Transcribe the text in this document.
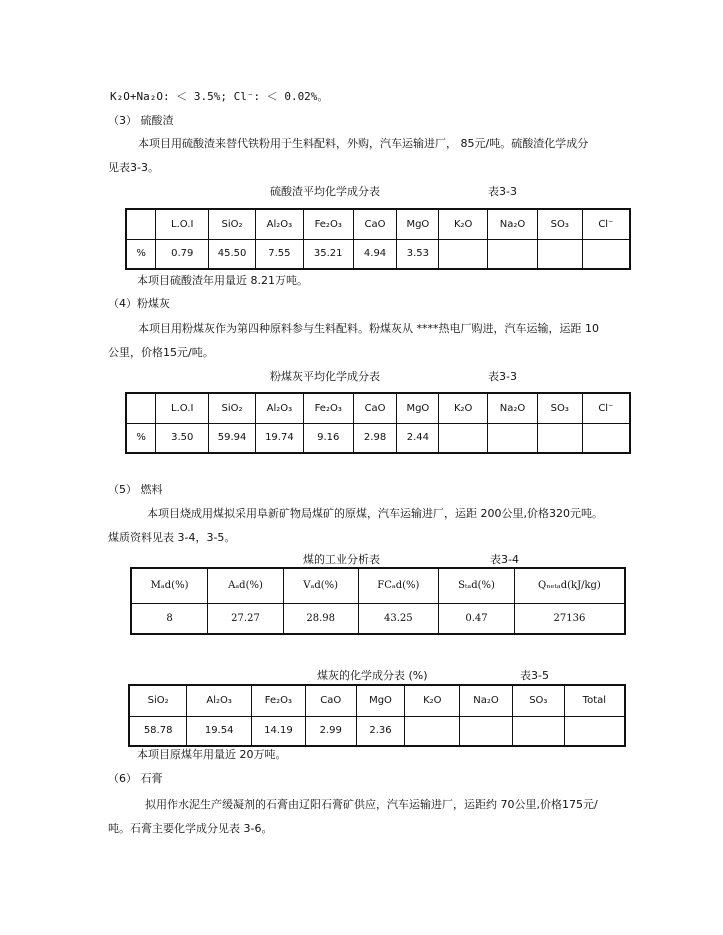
K₂O+Na₂O: ＜ 3.5%; Cl⁻: ＜ 0.02%。
（3） 硫酸渣
本项目用硫酸渣来替代铁粉用于生料配料，外购，汽车运输进厂， 85元/吨。硫酸渣化学成分
见表3-3。
硫酸渣平均化学成分表	表3-3
	L.O.I	SiO₂	Al₂O₃	Fe₂O₃	CaO	MgO	K₂O	Na₂O	SO₃	Cl⁻
%	0.79	45.50	7.55	35.21	4.94	3.53				
本项目硫酸渣年用量近 8.21万吨。
（4）粉煤灰
本项目用粉煤灰作为第四种原料参与生料配料。粉煤灰从 ****热电厂购进，汽车运输，运距 10
公里，价格15元/吨。
粉煤灰平均化学成分表	表3-3
	L.O.I	SiO₂	Al₂O₃	Fe₂O₃	CaO	MgO	K₂O	Na₂O	SO₃	Cl⁻
%	3.50	59.94	19.74	9.16	2.98	2.44				
（5） 燃料
本项目烧成用煤拟采用阜新矿物局煤矿的原煤，汽车运输进厂，运距 200公里,价格320元吨。
煤质资料见表 3-4，3-5。
煤的工业分析表	表3-4
Mₐd(%)	Aₐd(%)	Vₐd(%)	FCₐd(%)	Sₜₐd(%)	Qₙₑₜₐd(kJ/kg)
8	27.27	28.98	43.25	0.47	27136
煤灰的化学成分表 (%)	表3-5
SiO₂	Al₂O₃	Fe₂O₃	CaO	MgO	K₂O	Na₂O	SO₃	Total
58.78	19.54	14.19	2.99	2.36				
本项目原煤年用量近 20万吨。
（6） 石膏
拟用作水泥生产缓凝剂的石膏由辽阳石膏矿供应，汽车运输进厂，运距约 70公里,价格175元/
吨。石膏主要化学成分见表 3-6。
